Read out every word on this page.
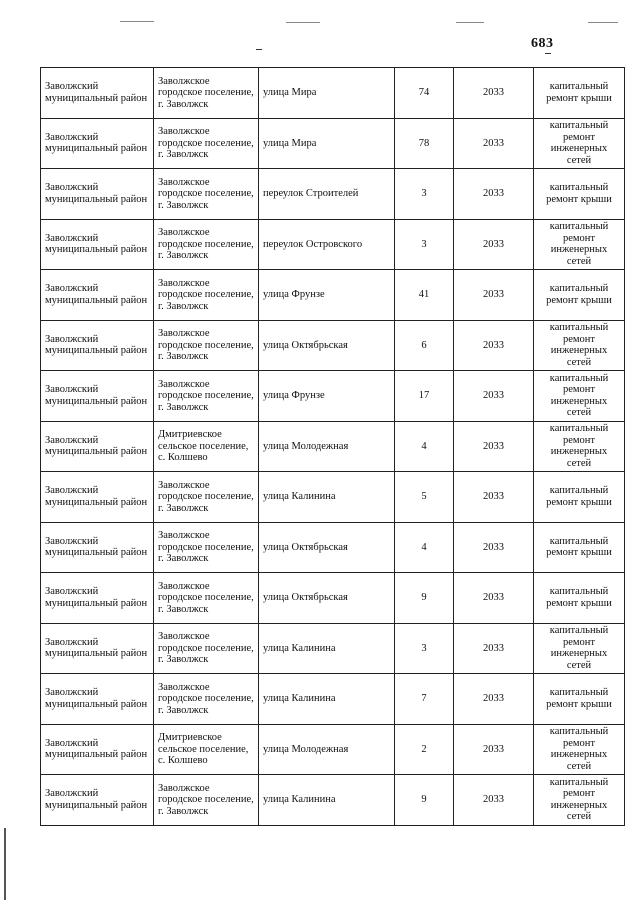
683
Заволжский муниципальный район	Заволжское городское поселение, г. Заволжск	улица Мира	74	2033	капитальный ремонт крыши
Заволжский муниципальный район	Заволжское городское поселение, г. Заволжск	улица Мира	78	2033	капитальный ремонт инженерных сетей
Заволжский муниципальный район	Заволжское городское поселение, г. Заволжск	переулок Строителей	3	2033	капитальный ремонт крыши
Заволжский муниципальный район	Заволжское городское поселение, г. Заволжск	переулок Островского	3	2033	капитальный ремонт инженерных сетей
Заволжский муниципальный район	Заволжское городское поселение, г. Заволжск	улица Фрунзе	41	2033	капитальный ремонт крыши
Заволжский муниципальный район	Заволжское городское поселение, г. Заволжск	улица Октябрьская	6	2033	капитальный ремонт инженерных сетей
Заволжский муниципальный район	Заволжское городское поселение, г. Заволжск	улица Фрунзе	17	2033	капитальный ремонт инженерных сетей
Заволжский муниципальный район	Дмитриевское сельское поселение, с. Колшево	улица Молодежная	4	2033	капитальный ремонт инженерных сетей
Заволжский муниципальный район	Заволжское городское поселение, г. Заволжск	улица Калинина	5	2033	капитальный ремонт крыши
Заволжский муниципальный район	Заволжское городское поселение, г. Заволжск	улица Октябрьская	4	2033	капитальный ремонт крыши
Заволжский муниципальный район	Заволжское городское поселение, г. Заволжск	улица Октябрьская	9	2033	капитальный ремонт крыши
Заволжский муниципальный район	Заволжское городское поселение, г. Заволжск	улица Калинина	3	2033	капитальный ремонт инженерных сетей
Заволжский муниципальный район	Заволжское городское поселение, г. Заволжск	улица Калинина	7	2033	капитальный ремонт крыши
Заволжский муниципальный район	Дмитриевское сельское поселение, с. Колшево	улица Молодежная	2	2033	капитальный ремонт инженерных сетей
Заволжский муниципальный район	Заволжское городское поселение, г. Заволжск	улица Калинина	9	2033	капитальный ремонт инженерных сетей
